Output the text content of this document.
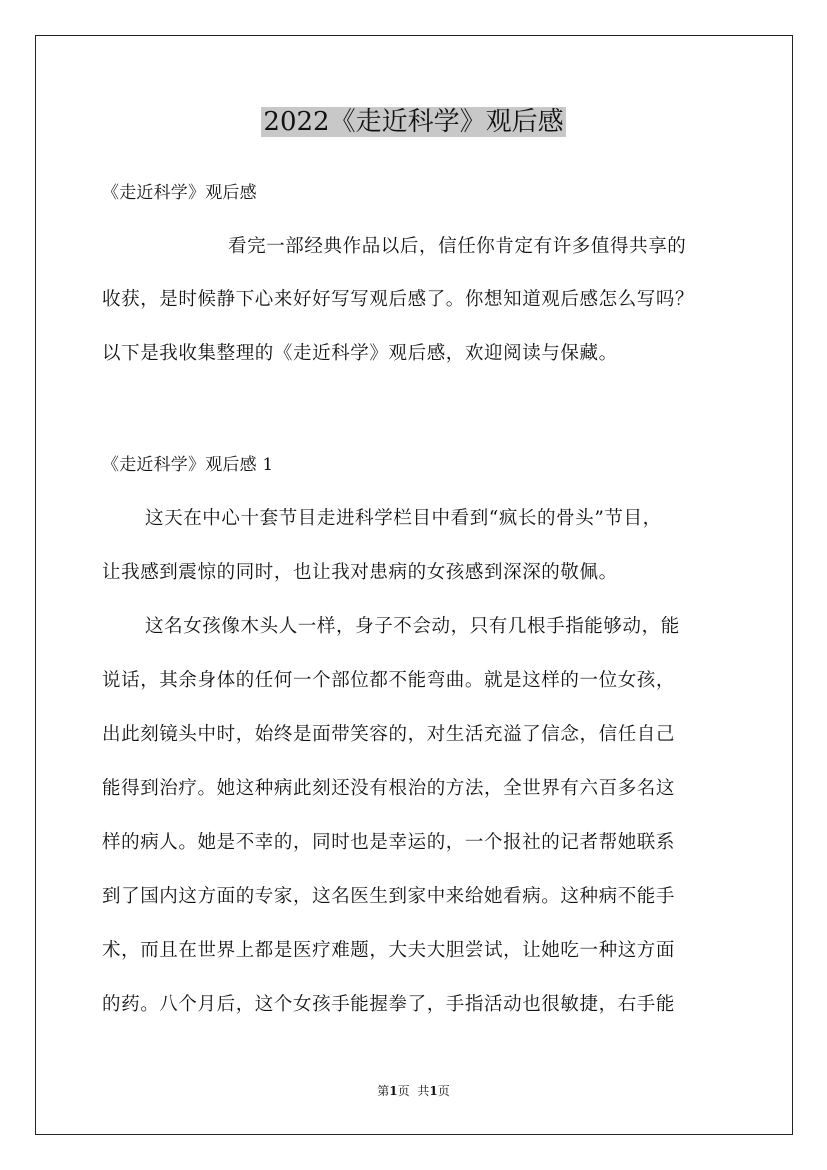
2022《走近科学》观后感
《走近科学》观后感
看完一部经典作品以后，信任你肯定有许多值得共享的
收获，是时候静下心来好好写写观后感了。你想知道观后感怎么写吗？
以下是我收集整理的《走近科学》观后感，欢迎阅读与保藏。
《走近科学》观后感 1
这天在中心十套节目走进科学栏目中看到“疯长的骨头”节目，
让我感到震惊的同时，也让我对患病的女孩感到深深的敬佩。
这名女孩像木头人一样，身子不会动，只有几根手指能够动，能
说话，其余身体的任何一个部位都不能弯曲。就是这样的一位女孩，
出此刻镜头中时，始终是面带笑容的，对生活充溢了信念，信任自己
能得到治疗。她这种病此刻还没有根治的方法，全世界有六百多名这
样的病人。她是不幸的，同时也是幸运的，一个报社的记者帮她联系
到了国内这方面的专家，这名医生到家中来给她看病。这种病不能手
术，而且在世界上都是医疗难题，大夫大胆尝试，让她吃一种这方面
的药。八个月后，这个女孩手能握拳了，手指活动也很敏捷，右手能
第1页 共1页
